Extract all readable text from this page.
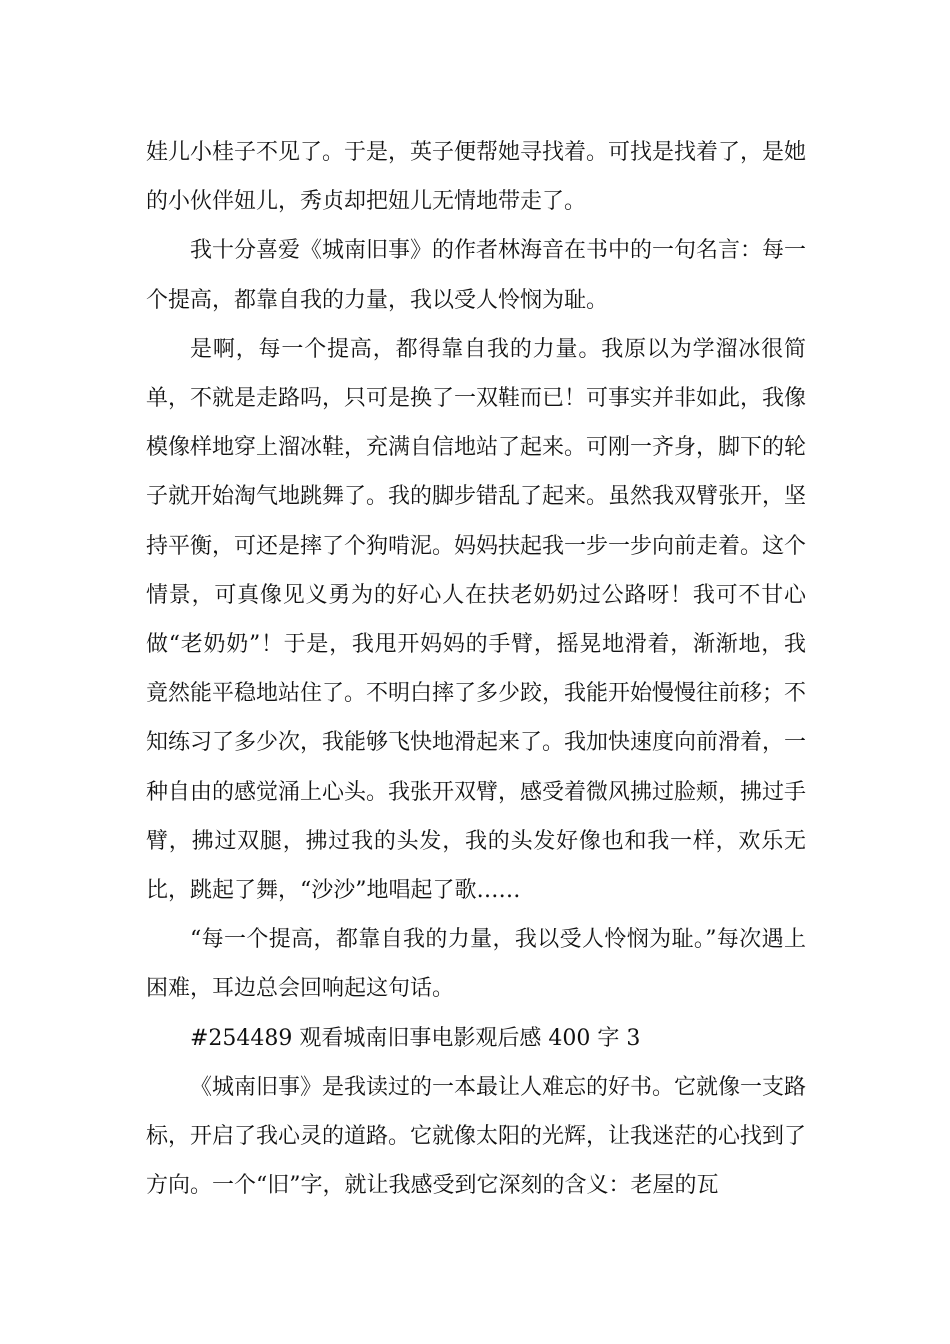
娃儿小桂子不见了。于是，英子便帮她寻找着。可找是找着了，是她的小伙伴妞儿，秀贞却把妞儿无情地带走了。

我十分喜爱《城南旧事》的作者林海音在书中的一句名言：每一个提高，都靠自我的力量，我以受人怜悯为耻。

是啊，每一个提高，都得靠自我的力量。我原以为学溜冰很简单，不就是走路吗，只可是换了一双鞋而已！可事实并非如此，我像模像样地穿上溜冰鞋，充满自信地站了起来。可刚一齐身，脚下的轮子就开始淘气地跳舞了。我的脚步错乱了起来。虽然我双臂张开，坚持平衡，可还是摔了个狗啃泥。妈妈扶起我一步一步向前走着。这个情景，可真像见义勇为的好心人在扶老奶奶过公路呀！我可不甘心做“老奶奶”！于是，我甩开妈妈的手臂，摇晃地滑着，渐渐地，我竟然能平稳地站住了。不明白摔了多少跤，我能开始慢慢往前移；不知练习了多少次，我能够飞快地滑起来了。我加快速度向前滑着，一种自由的感觉涌上心头。我张开双臂，感受着微风拂过脸颊，拂过手臂，拂过双腿，拂过我的头发，我的头发好像也和我一样，欢乐无比，跳起了舞，“沙沙”地唱起了歌……

“每一个提高，都靠自我的力量，我以受人怜悯为耻。”每次遇上困难，耳边总会回响起这句话。

#254489 观看城南旧事电影观后感 400 字 3

《城南旧事》是我读过的一本最让人难忘的好书。它就像一支路标，开启了我心灵的道路。它就像太阳的光辉，让我迷茫的心找到了方向。一个“旧”字，就让我感受到它深刻的含义：老屋的瓦
